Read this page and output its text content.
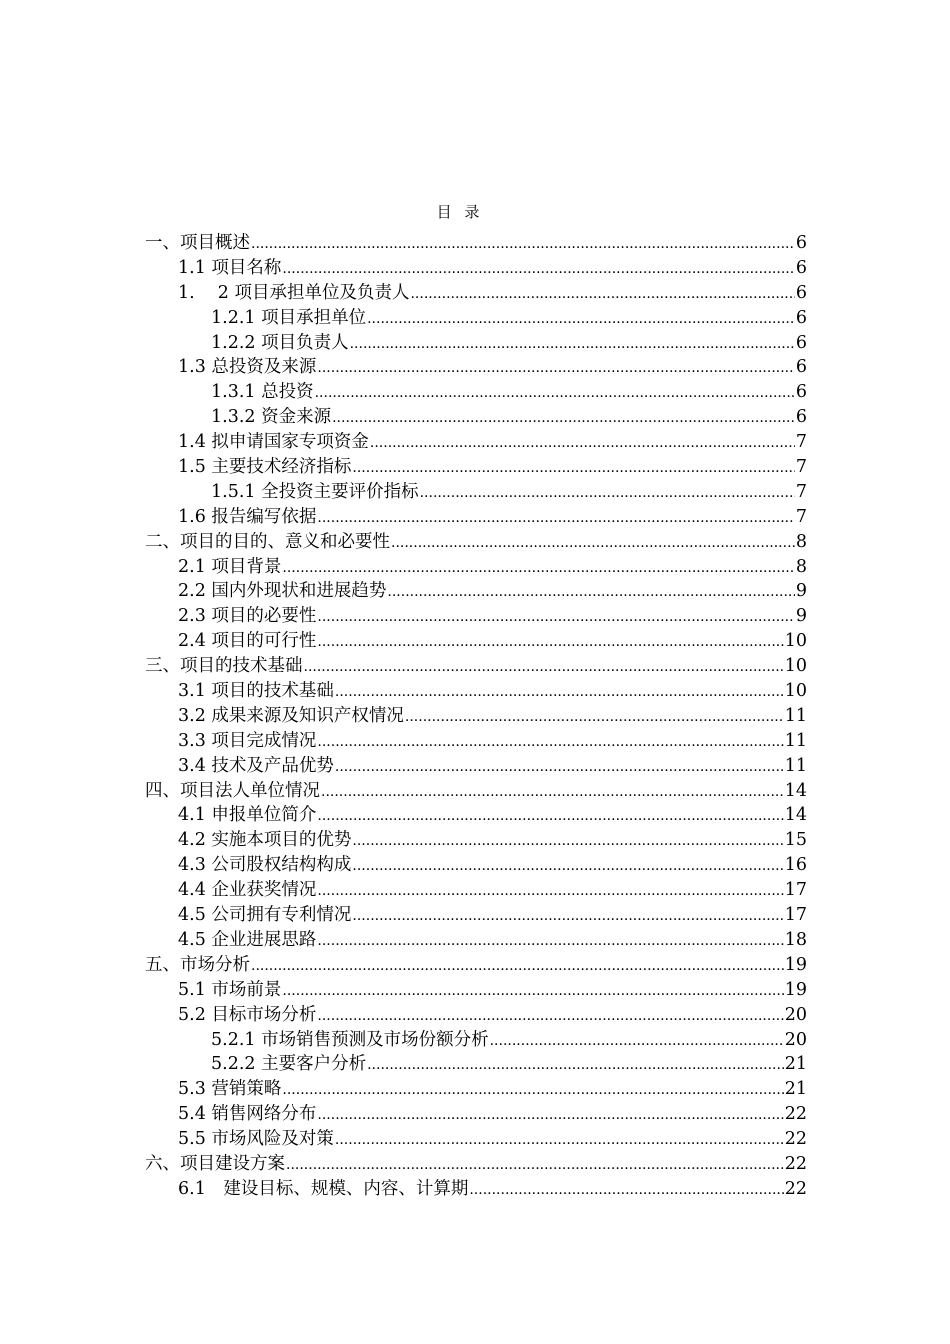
目 录
一、项目概述 .....	6
1.1 项目名称 .....	6
1.　 2 项目承担单位及负责人 .....	6
1.2.1 项目承担单位 .....	6
1.2.2 项目负责人 .....	6
1.3 总投资及来源 .....	6
1.3.1 总投资 .....	6
1.3.2 资金来源 .....	6
1.4 拟申请国家专项资金 .....	7
1.5 主要技术经济指标 .....	7
1.5.1 全投资主要评价指标 .....	7
1.6 报告编写依据 .....	7
二、项目的目的、意义和必要性 .....	8
2.1 项目背景 .....	8
2.2 国内外现状和进展趋势 .....	9
2.3 项目的必要性 .....	9
2.4 项目的可行性 .....	10
三、项目的技术基础 .....	10
3.1 项目的技术基础 .....	10
3.2 成果来源及知识产权情况 .....	11
3.3 项目完成情况 .....	11
3.4 技术及产品优势 .....	11
四、项目法人单位情况 .....	14
4.1 申报单位简介 .....	14
4.2 实施本项目的优势 .....	15
4.3 公司股权结构构成 .....	16
4.4 企业获奖情况 .....	17
4.5 公司拥有专利情况 .....	17
4.5 企业进展思路 .....	18
五、市场分析 .....	19
5.1 市场前景 .....	19
5.2 目标市场分析 .....	20
5.2.1 市场销售预测及市场份额分析 .....	20
5.2.2 主要客户分析 .....	21
5.3 营销策略 .....	21
5.4 销售网络分布 .....	22
5.5 市场风险及对策 .....	22
六、项目建设方案 .....	22
6.1　建设目标、规模、内容、计算期 .....	22
